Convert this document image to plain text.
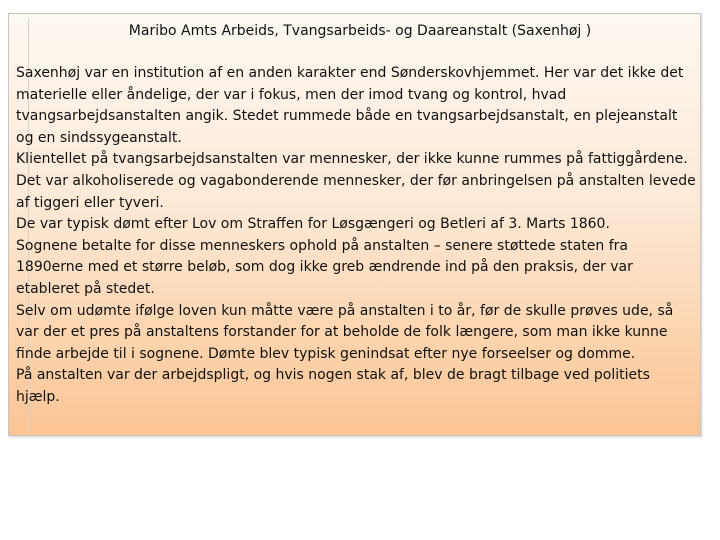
Maribo Amts Arbeids, Tvangsarbeids- og Daareanstalt (Saxenhøj )

Saxenhøj var en institution af en anden karakter end Sønderskovhjemmet. Her var det ikke det materielle eller åndelige, der var i fokus, men der imod tvang og kontrol, hvad tvangsarbejdsanstalten angik. Stedet rummede både en tvangsarbejdsanstalt, en plejeanstalt og en sindssygeanstalt.

Klientellet på tvangsarbejdsanstalten var mennesker, der ikke kunne rummes på fattiggårdene. Det var alkoholiserede og vagabonderende mennesker, der før anbringelsen på anstalten levede af tiggeri eller tyveri.

De var typisk dømt efter Lov om Straffen for Løsgængeri og Betleri af 3. Marts 1860.

Sognene betalte for disse menneskers ophold på anstalten – senere støttede staten fra 1890erne med et større beløb, som dog ikke greb ændrende ind på den praksis, der var etableret på stedet.

Selv om udømte ifølge loven kun måtte være på anstalten i to år, før de skulle prøves ude, så var der et pres på anstaltens forstander for at beholde de folk længere, som man ikke kunne finde arbejde til i sognene. Dømte blev typisk genindsat efter nye forseelser og domme.

På anstalten var der arbejdspligt, og hvis nogen stak af, blev de bragt tilbage ved politiets hjælp.
